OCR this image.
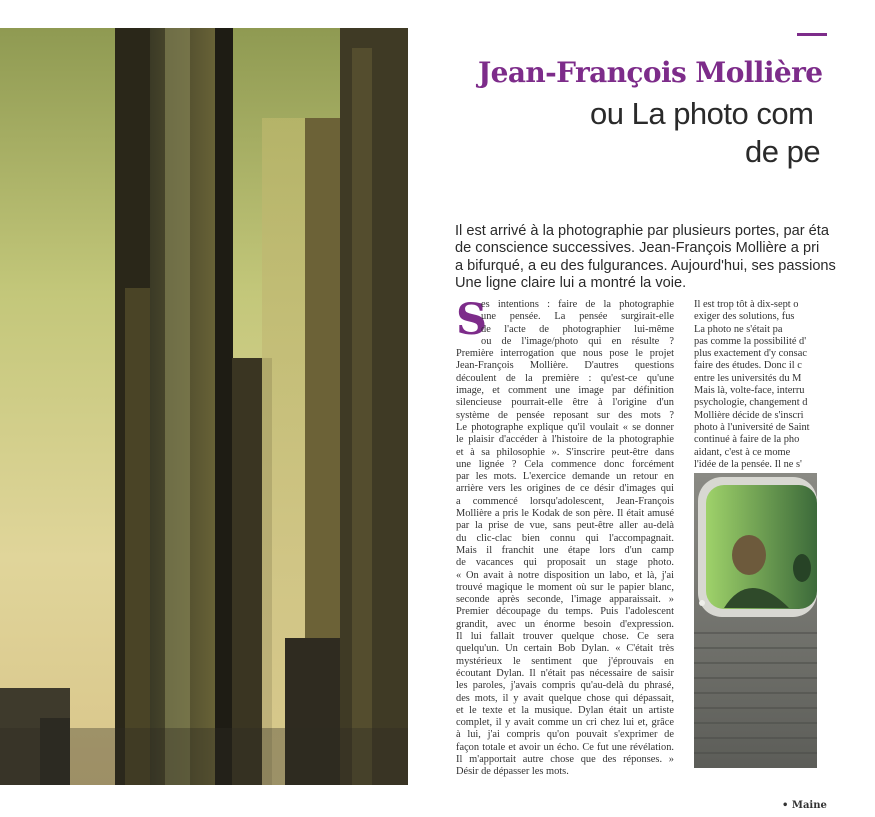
Jean-François Mollière
ou La photo com
de pe
Il est arrivé à la photographie par plusieurs portes, par éta
de conscience successives. Jean-François Mollière a pri
a bifurqué, a eu des fulgurances. Aujourd'hui, ses passions
Une ligne claire lui a montré la voie.
S
es intentions : faire de la photographie
une pensée. La pensée surgirait-elle
de l'acte de photographier lui-même
ou de l'image/photo qui en résulte ?
Première interrogation que nous pose le projet
Jean-François Mollière. D'autres questions
découlent de la première : qu'est-ce qu'une
image, et comment une image par définition
silencieuse pourrait-elle être à l'origine d'un
système de pensée reposant sur des mots ?
Le photographe explique qu'il voulait « se donner
le plaisir d'accéder à l'histoire de la photographie
et à sa philosophie ». S'inscrire peut-être dans
une lignée ? Cela commence donc forcément
par les mots. L'exercice demande un retour en
arrière vers les origines de ce désir d'images qui
a commencé lorsqu'adolescent, Jean-François
Mollière a pris le Kodak de son père. Il était amusé
par la prise de vue, sans peut-être aller au-delà
du clic-clac bien connu qui l'accompagnait.
Mais il franchit une étape lors d'un camp
de vacances qui proposait un stage photo.
« On avait à notre disposition un labo, et là, j'ai
trouvé magique le moment où sur le papier blanc,
seconde après seconde, l'image apparaissait. »
Premier découpage du temps. Puis l'adolescent
grandit, avec un énorme besoin d'expression.
Il lui fallait trouver quelque chose. Ce sera
quelqu'un. Un certain Bob Dylan. « C'était très
mystérieux le sentiment que j'éprouvais en
écoutant Dylan. Il n'était pas nécessaire de saisir
les paroles, j'avais compris qu'au-delà du phrasé,
des mots, il y avait quelque chose qui dépassait,
et le texte et la musique. Dylan était un artiste
complet, il y avait comme un cri chez lui et, grâce
à lui, j'ai compris qu'on pouvait s'exprimer de
façon totale et avoir un écho. Ce fut une révélation.
Il m'apportait autre chose que des réponses. »
Désir de dépasser les mots.
Il est trop tôt à dix-sept o
exiger des solutions, fus
La photo ne s'était pa
pas comme la possibilité d'
plus exactement d'y consac
faire des études. Donc il c
entre les universités du M
Mais là, volte-face, interru
psychologie, changement d
Mollière décide de s'inscri
photo à l'université de Saint
continué à faire de la pho
aidant, c'est à ce mome
l'idée de la pensée. Il ne s'
• Maine
